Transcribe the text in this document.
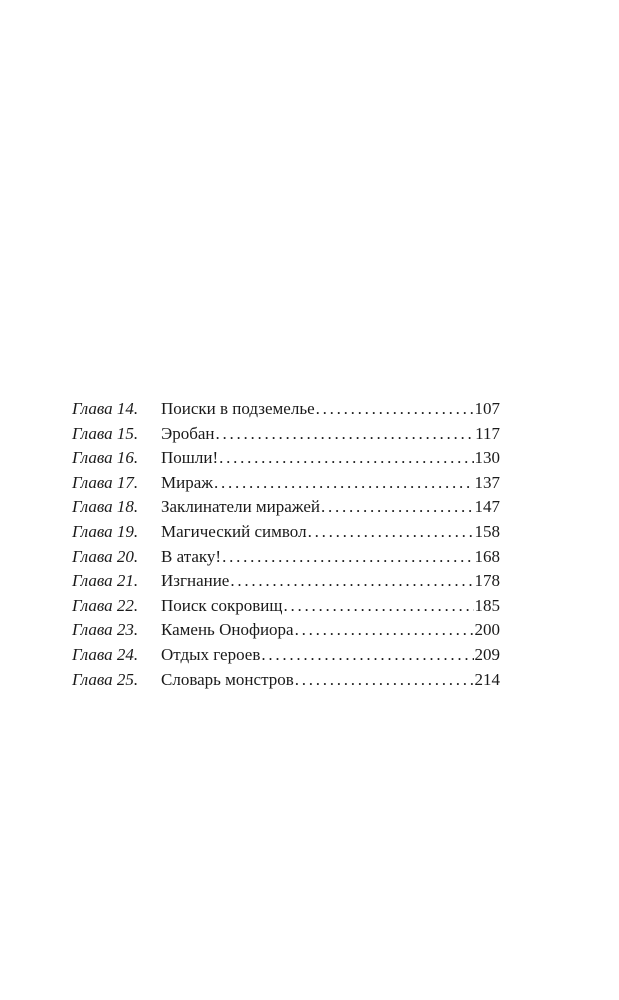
Глава 14.	Поиски в подземелье . . .	107
Глава 15.	Эробан . . .	117
Глава 16.	Пошли! . . .	130
Глава 17.	Мираж . . .	137
Глава 18.	Заклинатели миражей . . .	147
Глава 19.	Магический символ . . .	158
Глава 20.	В атаку! . . .	168
Глава 21.	Изгнание . . .	178
Глава 22.	Поиск сокровищ . . .	185
Глава 23.	Камень Онофиора . . .	200
Глава 24.	Отдых героев . . .	209
Глава 25.	Словарь монстров . . .	214
